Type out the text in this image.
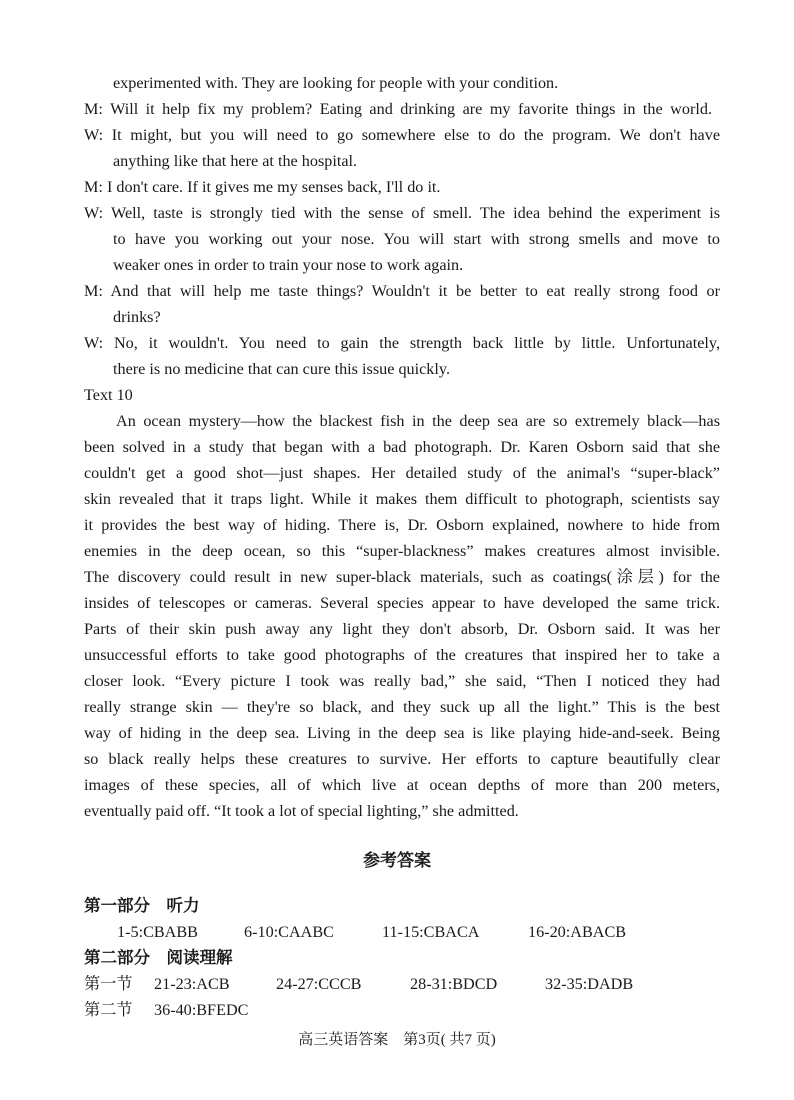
experimented with. They are looking for people with your condition.
M: Will it help fix my problem? Eating and drinking are my favorite things in the world.
W: It might, but you will need to go somewhere else to do the program. We don't have
anything like that here at the hospital.
M: I don't care. If it gives me my senses back, I'll do it.
W: Well, taste is strongly tied with the sense of smell. The idea behind the experiment is
to have you working out your nose. You will start with strong smells and move to
weaker ones in order to train your nose to work again.
M: And that will help me taste things? Wouldn't it be better to eat really strong food or
drinks?
W: No, it wouldn't. You need to gain the strength back little by little. Unfortunately,
there is no medicine that can cure this issue quickly.
Text 10
An ocean mystery—how the blackest fish in the deep sea are so extremely black—has
been solved in a study that began with a bad photograph. Dr. Karen Osborn said that she
couldn't get a good shot—just shapes. Her detailed study of the animal's “super-black”
skin revealed that it traps light. While it makes them difficult to photograph, scientists say
it provides the best way of hiding. There is, Dr. Osborn explained, nowhere to hide from
enemies in the deep ocean, so this “super-blackness” makes creatures almost invisible.
The discovery could result in new super-black materials, such as coatings(涂层) for the
insides of telescopes or cameras. Several species appear to have developed the same trick.
Parts of their skin push away any light they don't absorb, Dr. Osborn said. It was her
unsuccessful efforts to take good photographs of the creatures that inspired her to take a
closer look. “Every picture I took was really bad,” she said, “Then I noticed they had
really strange skin — they're so black, and they suck up all the light.” This is the best
way of hiding in the deep sea. Living in the deep sea is like playing hide-and-seek. Being
so black really helps these creatures to survive. Her efforts to capture beautifully clear
images of these species, all of which live at ocean depths of more than 200 meters,
eventually paid off. “It took a lot of special lighting,” she admitted.
参考答案
第一部分　听力
1-5:CBABB	6-10:CAABC	11-15:CBACA	16-20:ABACB
第二部分　阅读理解
第一节 21-23:ACB	24-27:CCCB	28-31:BDCD	32-35:DADB
第二节 36-40:BFEDC
高三英语答案　第3页( 共7 页)
